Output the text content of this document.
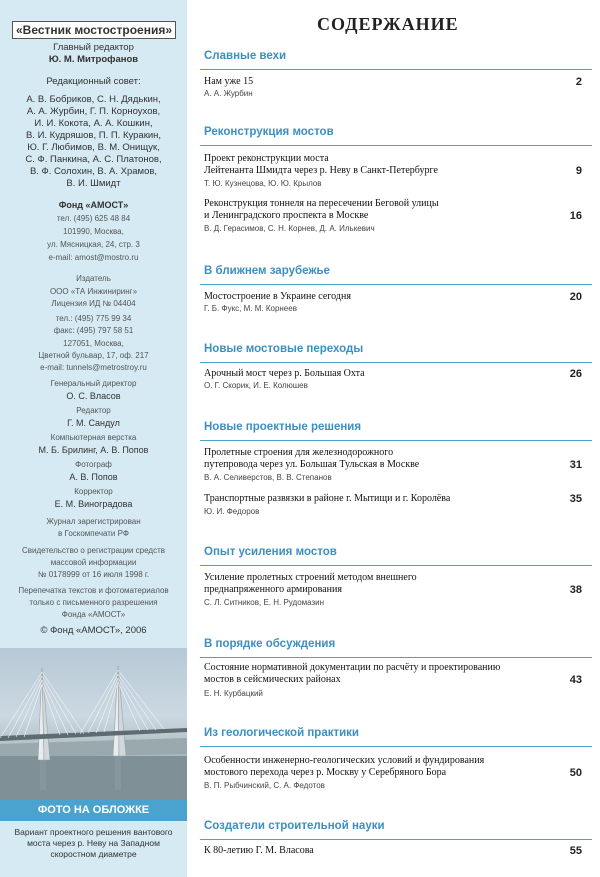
«Вестник мостостроения»
Главный редактор
Ю. М. Митрофанов
Редакционный совет:
А. В. Бобриков, С. Н. Дядькин,
А. А. Журбин, Г. П. Корноухов,
И. И. Кокота, А. А. Кошкин,
В. И. Кудряшов, П. П. Куракин,
Ю. Г. Любимов, В. М. Онищук,
С. Ф. Панкина, А. С. Платонов,
В. Ф. Солохин, В. А. Храмов,
В. И. Шмидт
Фонд «АМОСТ»
тел. (495) 625 48 84
101990, Москва,
ул. Мясницкая, 24, стр. 3
e-mail: amost@mostro.ru
Издатель
ООО «ТА Инжиниринг»
Лицензия ИД № 04404
тел.: (495) 775 99 34
факс: (495) 797 58 51
127051, Москва,
Цветной бульвар, 17, оф. 217
e-mail: tunnels@metrostroy.ru
Генеральный директор
О. С. Власов
Редактор
Г. М. Сандул
Компьютерная верстка
М. Б. Брилинг, А. В. Попов
Фотограф
А. В. Попов
Корректор
Е. М. Виноградова
Журнал зарегистрирован
в Госкомпечати РФ
Свидетельство о регистрации средств
массовой информации
№ 0178999 от 16 июля 1998 г.
Перепечатка текстов и фотоматериалов
только с письменного разрешения
Фонда «АМОСТ»
© Фонд «АМОСТ», 2006
ФОТО НА ОБЛОЖКЕ
Вариант проектного решения вантового
моста через р. Неву на Западном
скоростном диаметре
СОДЕРЖАНИЕ
Славные вехи
Нам уже 15
А. А. Журбин
2
Реконструкция мостов
Проект реконструкции моста
Лейтенанта Шмидта через р. Неву в Санкт-Петербурге
Т. Ю. Кузнецова, Ю. Ю. Крылов
9
Реконструкция тоннеля на пересечении Беговой улицы
и Ленинградского проспекта в Москве
В. Д. Герасимов, С. Н. Корнев, Д. А. Илькевич
16
В ближнем зарубежье
Мостостроение в Украине сегодня
Г. Б. Фукс, М. М. Корнеев
20
Новые мостовые переходы
Арочный мост через р. Большая Охта
О. Г. Скорик, И. Е. Колюшев
26
Новые проектные решения
Пролетные строения для железнодорожного
путепровода через ул. Большая Тульская в Москве
В. А. Селиверстов, В. В. Степанов
31
Транспортные развязки в районе г. Мытищи и г. Королёва
Ю. И. Федоров
35
Опыт усиления мостов
Усиление пролетных строений методом внешнего
преднапряженного армирования
С. Л. Ситников, Е. Н. Рудомазин
38
В порядке обсуждения
Состояние нормативной документации по расчёту и проектированию
мостов в сейсмических районах
Е. Н. Курбацкий
43
Из геологической практики
Особенности инженерно-геологических условий и фундирования
мостового перехода через р. Москву у Серебряного Бора
В. П. Рыбчинский, С. А. Федотов
50
Создатели строительной науки
К 80-летию Г. М. Власова	55
